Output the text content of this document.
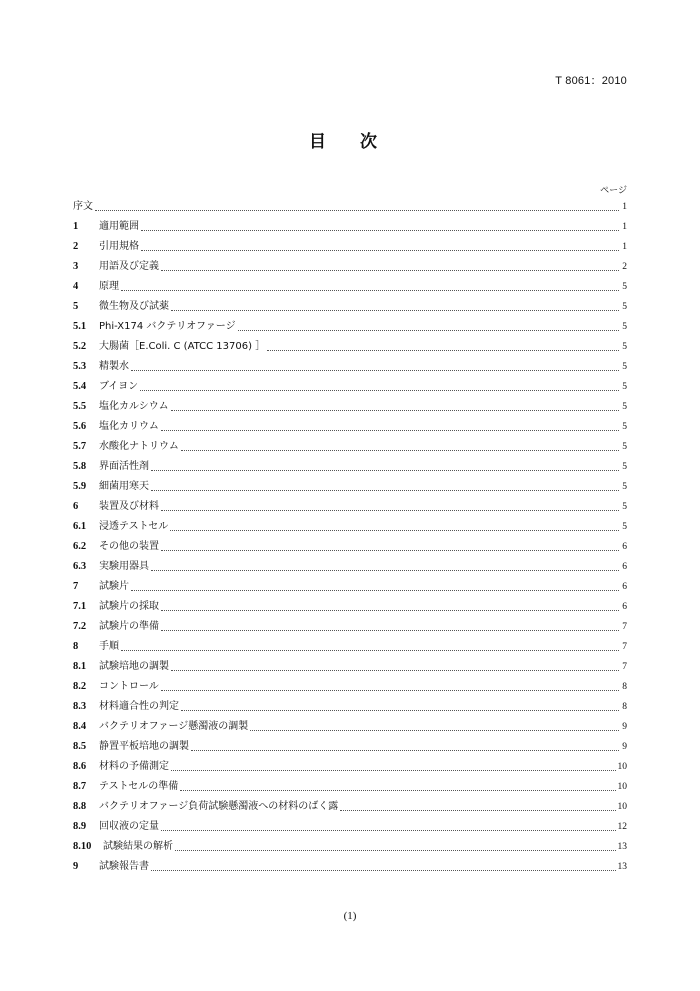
T 8061：2010
目 次
ページ
序文	1
1	適用範囲	1
2	引用規格	1
3	用語及び定義	2
4	原理	5
5	微生物及び試薬	5
5.1	Phi-X174 バクテリオファージ	5
5.2	大腸菌［E.Coli. C (ATCC 13706) ］	5
5.3	精製水	5
5.4	ブイヨン	5
5.5	塩化カルシウム	5
5.6	塩化カリウム	5
5.7	水酸化ナトリウム	5
5.8	界面活性剤	5
5.9	細菌用寒天	5
6	装置及び材料	5
6.1	浸透テストセル	5
6.2	その他の装置	6
6.3	実験用器具	6
7	試験片	6
7.1	試験片の採取	6
7.2	試験片の準備	7
8	手順	7
8.1	試験培地の調製	7
8.2	コントロール	8
8.3	材料適合性の判定	8
8.4	バクテリオファージ懸濁液の調製	9
8.5	静置平板培地の調製	9
8.6	材料の予備測定	10
8.7	テストセルの準備	10
8.8	バクテリオファージ負荷試験懸濁液への材料のばく露	10
8.9	回収液の定量	12
8.10	試験結果の解析	13
9	試験報告書	13
(1)
